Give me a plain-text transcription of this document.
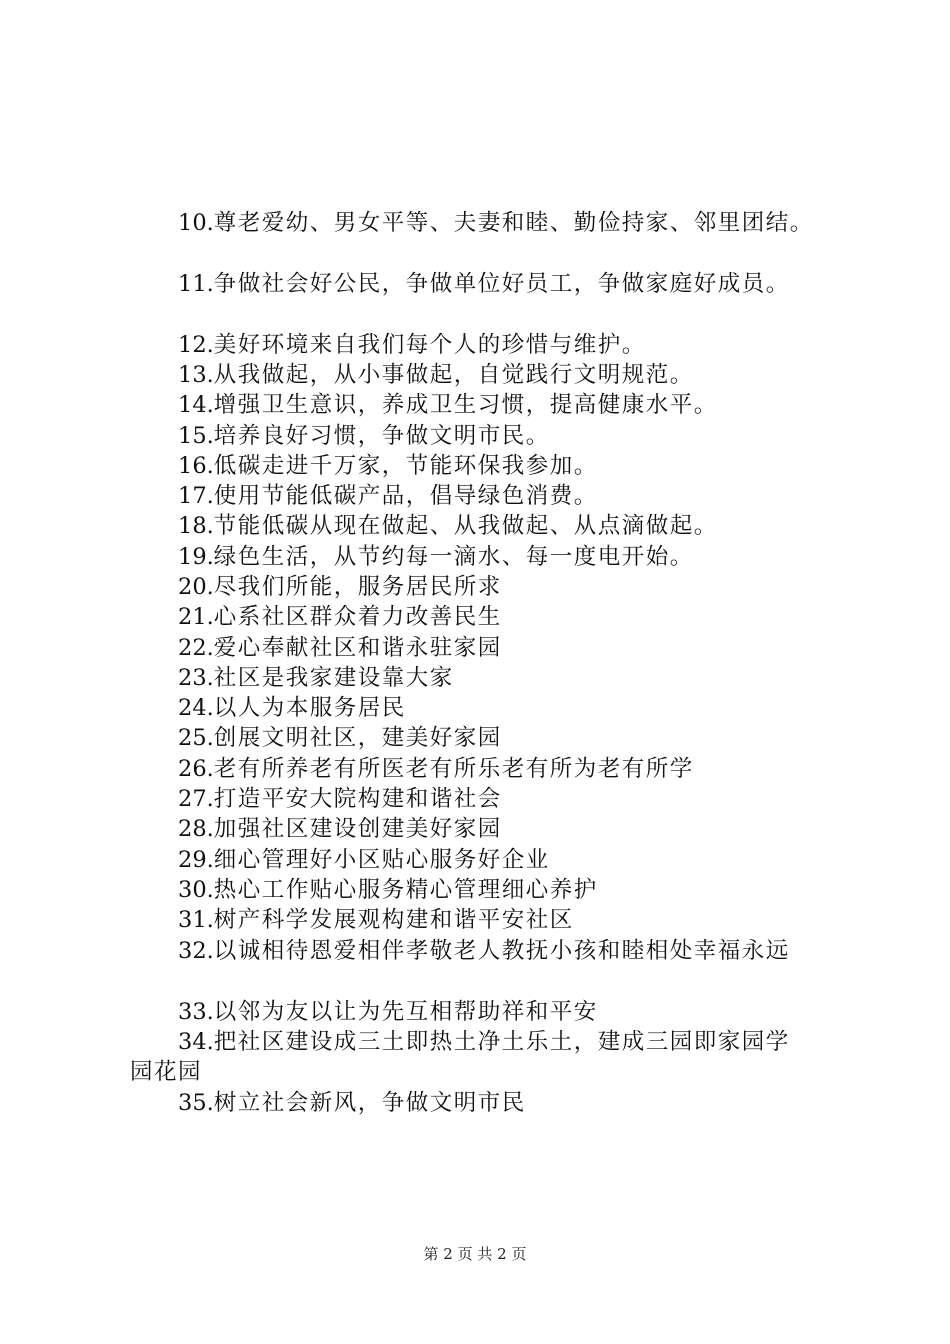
10.尊老爱幼、男女平等、夫妻和睦、勤俭持家、邻里团结。
11.争做社会好公民，争做单位好员工，争做家庭好成员。
12.美好环境来自我们每个人的珍惜与维护。
13.从我做起，从小事做起，自觉践行文明规范。
14.增强卫生意识，养成卫生习惯，提高健康水平。
15.培养良好习惯，争做文明市民。
16.低碳走进千万家，节能环保我参加。
17.使用节能低碳产品，倡导绿色消费。
18.节能低碳从现在做起、从我做起、从点滴做起。
19.绿色生活，从节约每一滴水、每一度电开始。
20.尽我们所能，服务居民所求
21.心系社区群众着力改善民生
22.爱心奉献社区和谐永驻家园
23.社区是我家建设靠大家
24.以人为本服务居民
25.创展文明社区，建美好家园
26.老有所养老有所医老有所乐老有所为老有所学
27.打造平安大院构建和谐社会
28.加强社区建设创建美好家园
29.细心管理好小区贴心服务好企业
30.热心工作贴心服务精心管理细心养护
31.树产科学发展观构建和谐平安社区
32.以诚相待恩爱相伴孝敬老人教抚小孩和睦相处幸福永远
33.以邻为友以让为先互相帮助祥和平安
34.把社区建设成三土即热土净土乐土，建成三园即家园学
园花园
35.树立社会新风，争做文明市民
第 2 页 共 2 页
